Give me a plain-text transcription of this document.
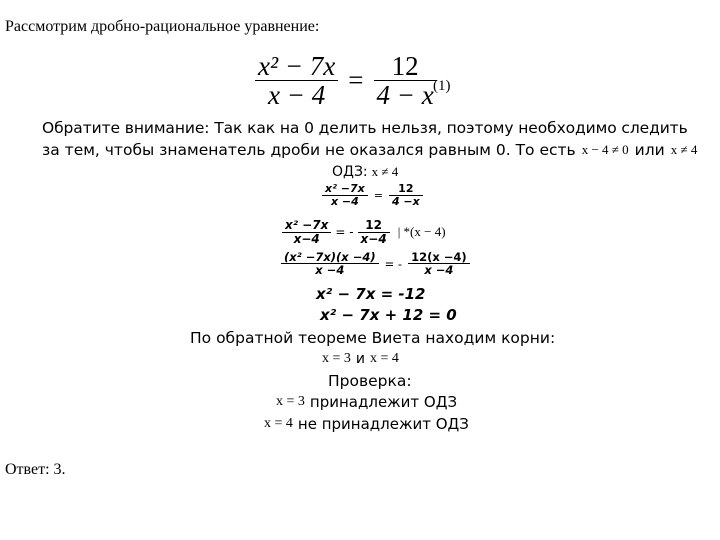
Рассмотрим дробно-рациональное уравнение:
$\frac{\text{x² − 7x}}{x - 4} = \frac{12}{4 - x}$
(1)
Обратите внимание: Так как на 0 делить нельзя, поэтому необходимо следить
за тем, чтобы знаменатель дроби не оказался равным 0. То есть x − 4 ≠ 0 или x ≠ 4
ОДЗ: x ≠ 4
$\frac{\text{x² −7x}}{x -4} = \frac{12}{4 -x}$
$\frac{\text{x² −7x}}{x-4}$ = - $\frac{12}{x-4}$ | *(x − 4)
$\frac{\text{(x² −7x)(x −4)}}{x -4}$ = - $\frac{12(x -4)}{x -4}$
x² − 7x = -12
x² − 7x + 12 = 0
По обратной теореме Виета находим корни:
x = 3 и x = 4
Проверка:
x = 3 принадлежит ОДЗ
x = 4 не принадлежит ОДЗ
Ответ: 3.
